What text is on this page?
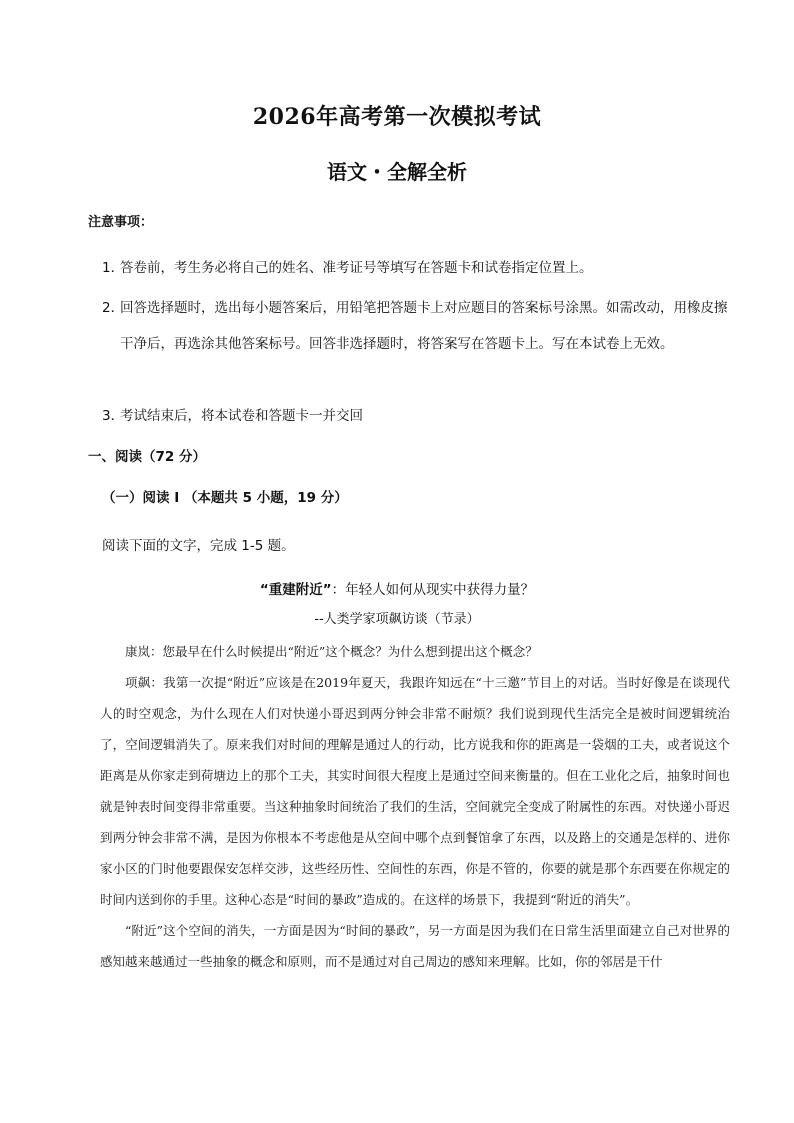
2026年高考第一次模拟考试
语文・全解全析
注意事项：
1．答卷前，考生务必将自己的姓名、准考证号等填写在答题卡和试卷指定位置上。
2．
回答选择题时，选出每小题答案后，用铅笔把答题卡上对应题目的答案标号涂黑。如需改动，用橡皮擦干净后，再选涂其他答案标号。回答非选择题时，将答案写在答题卡上。写在本试卷上无效。
3．考试结束后，将本试卷和答题卡一并交回
一、阅读（72 分）
（一）阅读 I （本题共 5 小题，19 分）
阅读下面的文字，完成 1-5 题。
“重建附近”：年轻人如何从现实中获得力量？
--人类学家项飙访谈（节录）

康岚：您最早在什么时候提出“附近”这个概念？为什么想到提出这个概念？

项飙：我第一次提“附近”应该是在2019年夏天，我跟许知远在“十三邀”节目上的对话。当时好像是在谈现代人的时空观念，为什么现在人们对快递小哥迟到两分钟会非常不耐烦？我们说到现代生活完全是被时间逻辑统治了，空间逻辑消失了。原来我们对时间的理解是通过人的行动，比方说我和你的距离是一袋烟的工夫，或者说这个距离是从你家走到荷塘边上的那个工夫，其实时间很大程度上是通过空间来衡量的。但在工业化之后，抽象时间也就是钟表时间变得非常重要。当这种抽象时间统治了我们的生活，空间就完全变成了附属性的东西。对快递小哥迟到两分钟会非常不满，是因为你根本不考虑他是从空间中哪个点到餐馆拿了东西，以及路上的交通是怎样的、进你家小区的门时他要跟保安怎样交涉，这些经历性、空间性的东西，你是不管的，你要的就是那个东西要在你规定的时间内送到你的手里。这种心态是“时间的暴政”造成的。在这样的场景下，我提到“附近的消失”。

“附近”这个空间的消失，一方面是因为“时间的暴政”，另一方面是因为我们在日常生活里面建立自己对世界的感知越来越通过一些抽象的概念和原则，而不是通过对自己周边的感知来理解。比如，你的邻居是干什
